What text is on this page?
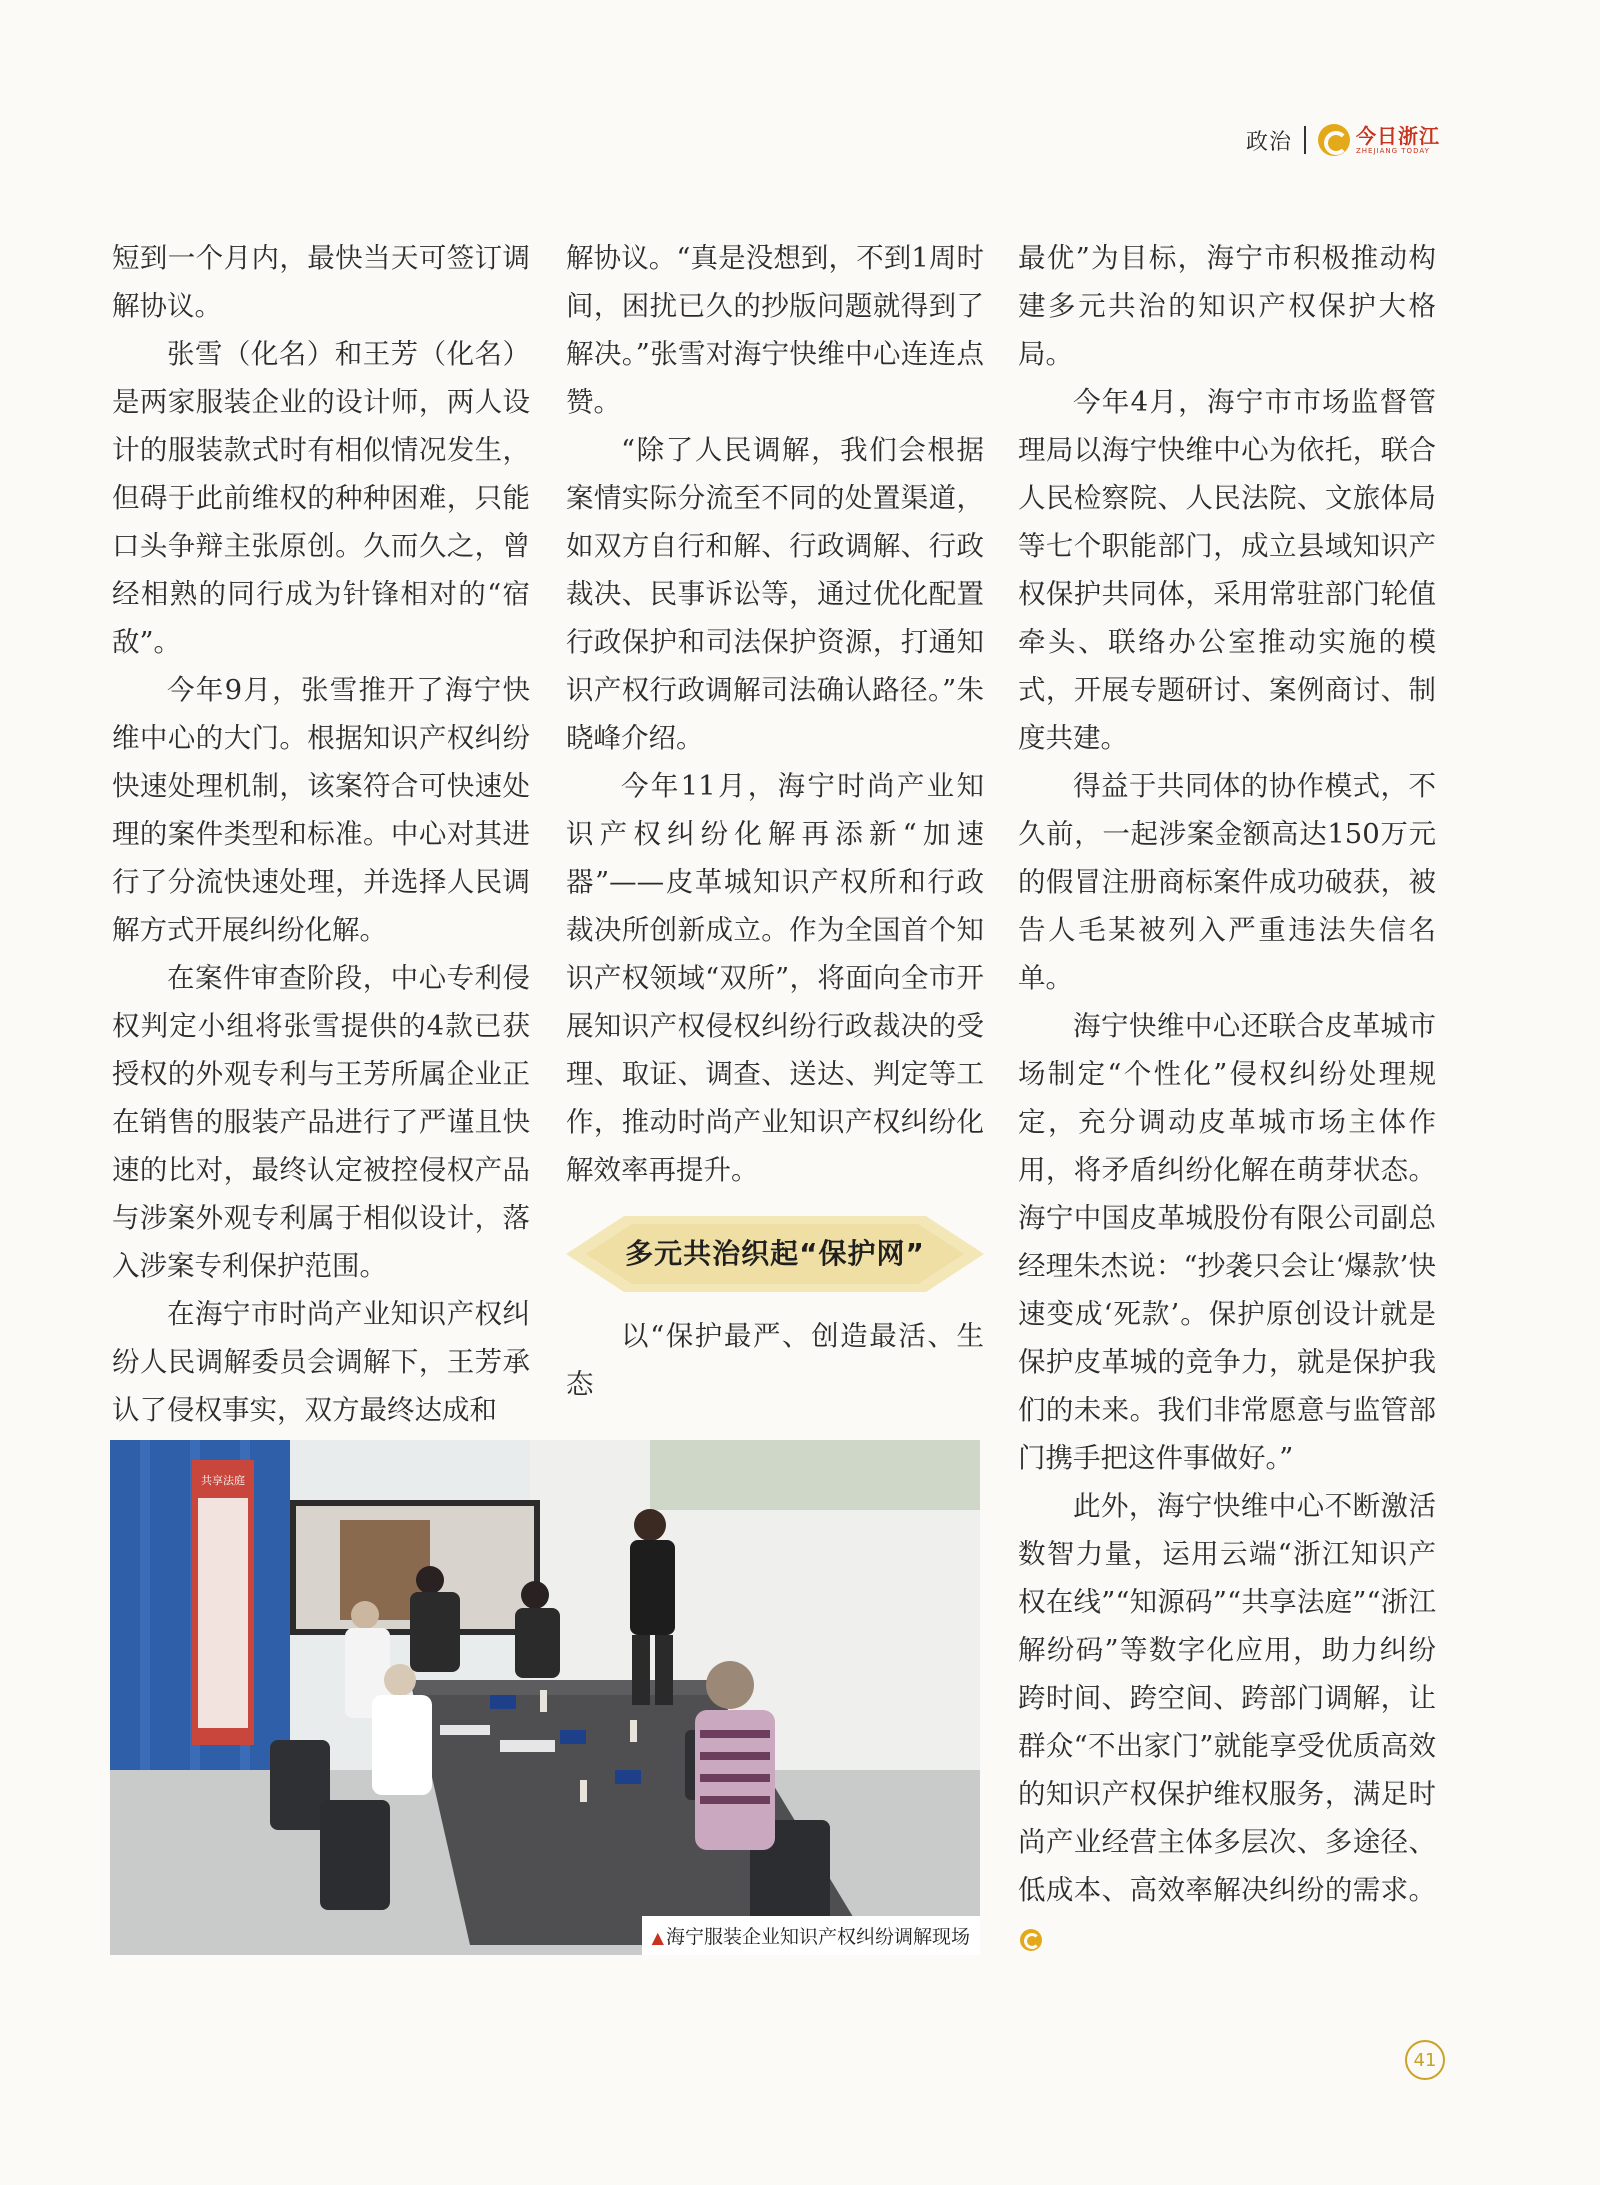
政治	今日浙江
ZHEJIANG TODAY

短到一个月内，最快当天可签订调解协议。

张雪（化名）和王芳（化名）是两家服装企业的设计师，两人设计的服装款式时有相似情况发生，但碍于此前维权的种种困难，只能口头争辩主张原创。久而久之，曾经相熟的同行成为针锋相对的“宿敌”。

今年9月，张雪推开了海宁快维中心的大门。根据知识产权纠纷快速处理机制，该案符合可快速处理的案件类型和标准。中心对其进行了分流快速处理，并选择人民调解方式开展纠纷化解。

在案件审查阶段，中心专利侵权判定小组将张雪提供的4款已获授权的外观专利与王芳所属企业正在销售的服装产品进行了严谨且快速的比对，最终认定被控侵权产品与涉案外观专利属于相似设计，落入涉案专利保护范围。

在海宁市时尚产业知识产权纠纷人民调解委员会调解下，王芳承认了侵权事实，双方最终达成和

解协议。“真是没想到，不到1周时间，困扰已久的抄版问题就得到了解决。”张雪对海宁快维中心连连点赞。

“除了人民调解，我们会根据案情实际分流至不同的处置渠道，如双方自行和解、行政调解、行政裁决、民事诉讼等，通过优化配置行政保护和司法保护资源，打通知识产权行政调解司法确认路径。”朱晓峰介绍。

今年11月，海宁时尚产业知识产权纠纷化解再添新“加速器”——皮革城知识产权所和行政裁决所创新成立。作为全国首个知识产权领域“双所”，将面向全市开展知识产权侵权纠纷行政裁决的受理、取证、调查、送达、判定等工作，推动时尚产业知识产权纠纷化解效率再提升。

多元共治织起“保护网”

以“保护最严、创造最活、生态

最优”为目标，海宁市积极推动构建多元共治的知识产权保护大格局。

今年4月，海宁市市场监督管理局以海宁快维中心为依托，联合人民检察院、人民法院、文旅体局等七个职能部门，成立县域知识产权保护共同体，采用常驻部门轮值牵头、联络办公室推动实施的模式，开展专题研讨、案例商讨、制度共建。

得益于共同体的协作模式，不久前，一起涉案金额高达150万元的假冒注册商标案件成功破获，被告人毛某被列入严重违法失信名单。

海宁快维中心还联合皮革城市场制定“个性化”侵权纠纷处理规定，充分调动皮革城市场主体作用，将矛盾纠纷化解在萌芽状态。海宁中国皮革城股份有限公司副总经理朱杰说：“抄袭只会让‘爆款’快速变成‘死款’。保护原创设计就是保护皮革城的竞争力，就是保护我们的未来。我们非常愿意与监管部门携手把这件事做好。”

此外，海宁快维中心不断激活数智力量，运用云端“浙江知识产权在线”“知源码”“共享法庭”“浙江解纷码”等数字化应用，助力纠纷跨时间、跨空间、跨部门调解，让群众“不出家门”就能享受优质高效的知识产权保护维权服务，满足时尚产业经营主体多层次、多途径、低成本、高效率解决纠纷的需求。

共享法庭
▲ 海宁服装企业知识产权纠纷调解现场
41
